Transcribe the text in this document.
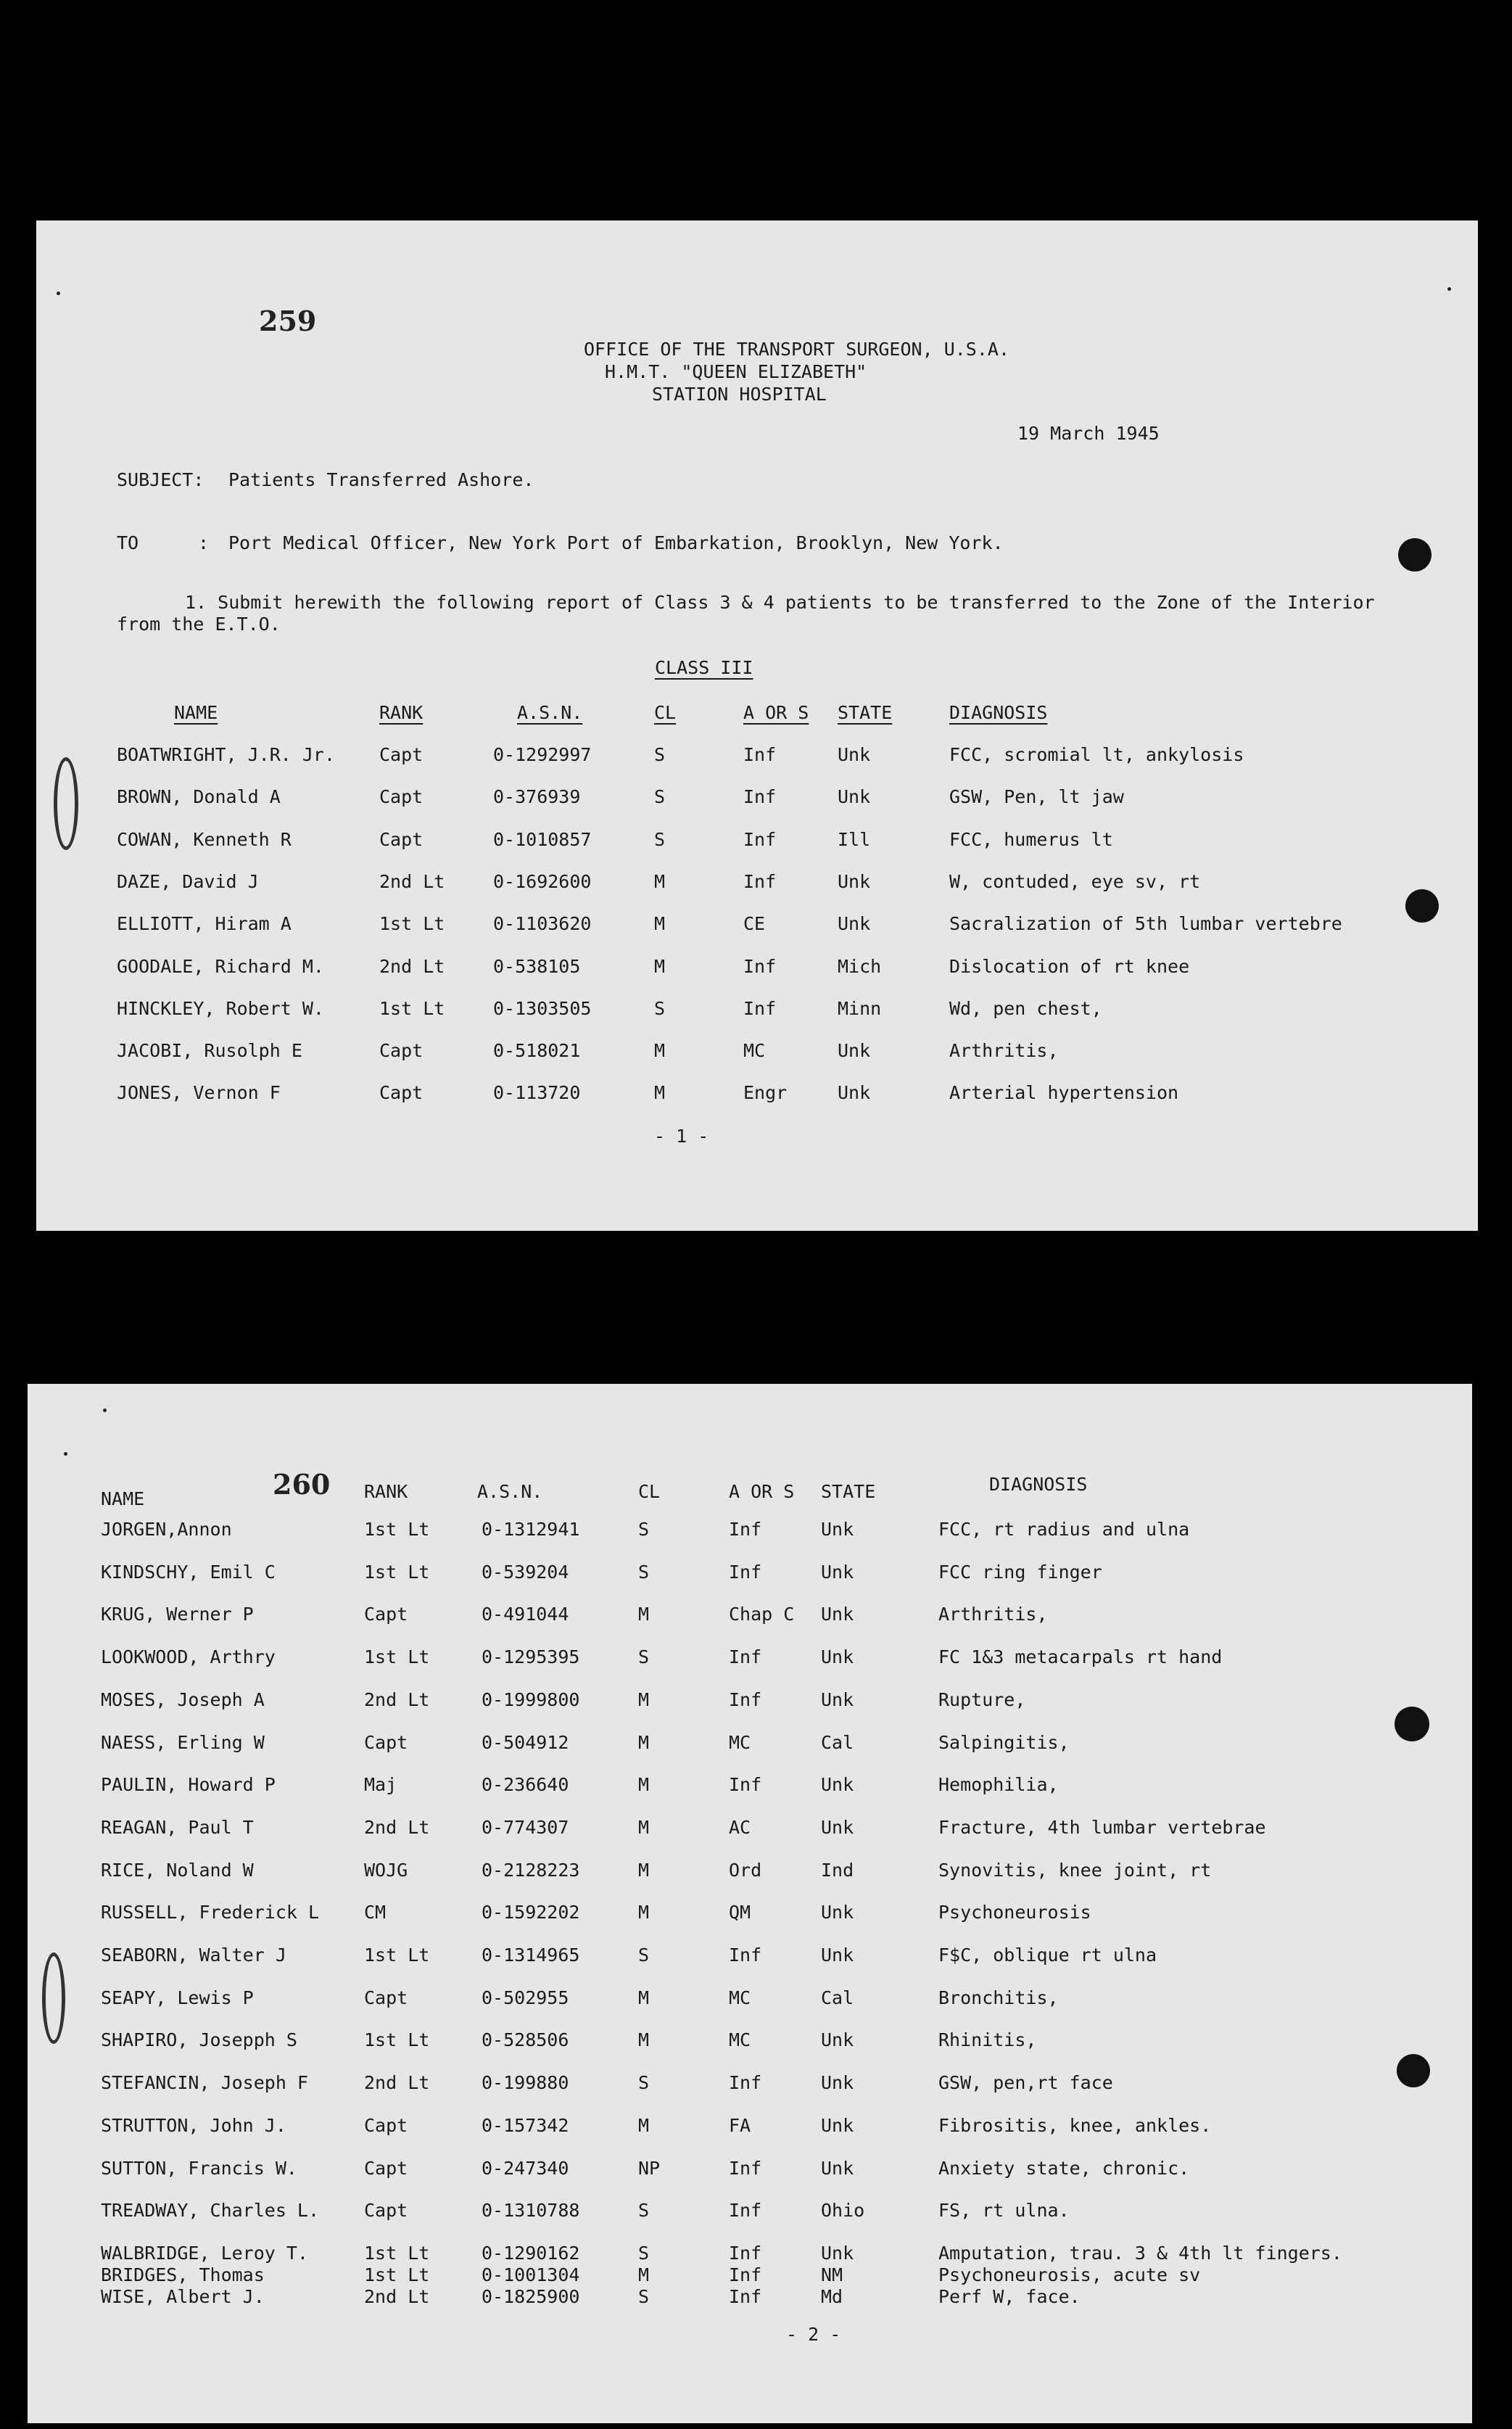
259
OFFICE OF THE TRANSPORT SURGEON, U.S.A.
H.M.T. "QUEEN ELIZABETH"
STATION HOSPITAL
19 March 1945
SUBJECT: Patients Transferred Ashore.
TO	: Port Medical Officer, New York Port of Embarkation, Brooklyn, New York.
1. Submit herewith the following report of Class 3 & 4 patients to be transferred to the Zone of the Interior
from the E.T.O.
CLASS III
NAME	RANK	A.S.N.	CL	A OR S STATE	DIAGNOSIS
BOATWRIGHT, J.R. Jr. Capt	0-1292997	S	Inf	Unk	FCC, scromial lt, ankylosis
BROWN, Donald A	Capt	0-376939	S	Inf	Unk	GSW, Pen, lt jaw
COWAN, Kenneth R	Capt	0-1010857	S	Inf	Ill	FCC, humerus lt
DAZE, David J	2nd Lt	0-1692600	M	Inf	Unk	W, contuded, eye sv, rt
ELLIOTT, Hiram A	1st Lt	0-1103620	M	CE	Unk	Sacralization of 5th lumbar vertebre
GOODALE, Richard M.	2nd Lt	0-538105	M	Inf	Mich	Dislocation of rt knee
HINCKLEY, Robert W.	1st Lt	0-1303505	S	Inf	Minn	Wd, pen chest,
JACOBI, Rusolph E	Capt	0-518021	M	MC	Unk	Arthritis,
JONES, Vernon F	Capt	0-113720	M	Engr	Unk	Arterial hypertension
- 1 -
NAME	260 RANK	A.S.N.	CL	A OR S STATE	DIAGNOSIS
JORGEN,Annon	1st Lt	0-1312941	S	Inf	Unk	FCC, rt radius and ulna
KINDSCHY, Emil C	1st Lt	0-539204	S	Inf	Unk	FCC ring finger
KRUG, Werner P	Capt	0-491044	M	Chap C Unk	Arthritis,
LOOKWOOD, Arthry	1st Lt	0-1295395	S	Inf	Unk	FC 1&3 metacarpals rt hand
MOSES, Joseph A	2nd Lt	0-1999800	M	Inf	Unk	Rupture,
NAESS, Erling W	Capt	0-504912	M	MC	Cal	Salpingitis,
PAULIN, Howard P	Maj	0-236640	M	Inf	Unk	Hemophilia,
REAGAN, Paul T	2nd Lt	0-774307	M	AC	Unk	Fracture, 4th lumbar vertebrae
RICE, Noland W	WOJG	0-2128223	M	Ord	Ind	Synovitis, knee joint, rt
RUSSELL, Frederick L CM	0-1592202	M	QM	Unk	Psychoneurosis
SEABORN, Walter J	1st Lt	0-1314965	S	Inf	Unk	F$C, oblique rt ulna
SEAPY, Lewis P	Capt	0-502955	M	MC	Cal	Bronchitis,
SHAPIRO, Josepph S	1st Lt	0-528506	M	MC	Unk	Rhinitis,
STEFANCIN, Joseph F	2nd Lt	0-199880	S	Inf	Unk	GSW, pen,rt face
STRUTTON, John J.	Capt	0-157342	M	FA	Unk	Fibrositis, knee, ankles.
SUTTON, Francis W.	Capt	0-247340	NP	Inf	Unk	Anxiety state, chronic.
TREADWAY, Charles L. Capt	0-1310788	S	Inf	Ohio	FS, rt ulna.
WALBRIDGE, Leroy T.	1st Lt	0-1290162	S	Inf	Unk	Amputation, trau. 3 & 4th lt fingers.
BRIDGES, Thomas	1st Lt	0-1001304	M	Inf	NM	Psychoneurosis, acute sv
WISE, Albert J.	2nd Lt	0-1825900	S	Inf	Md	Perf W, face.
- 2 -
